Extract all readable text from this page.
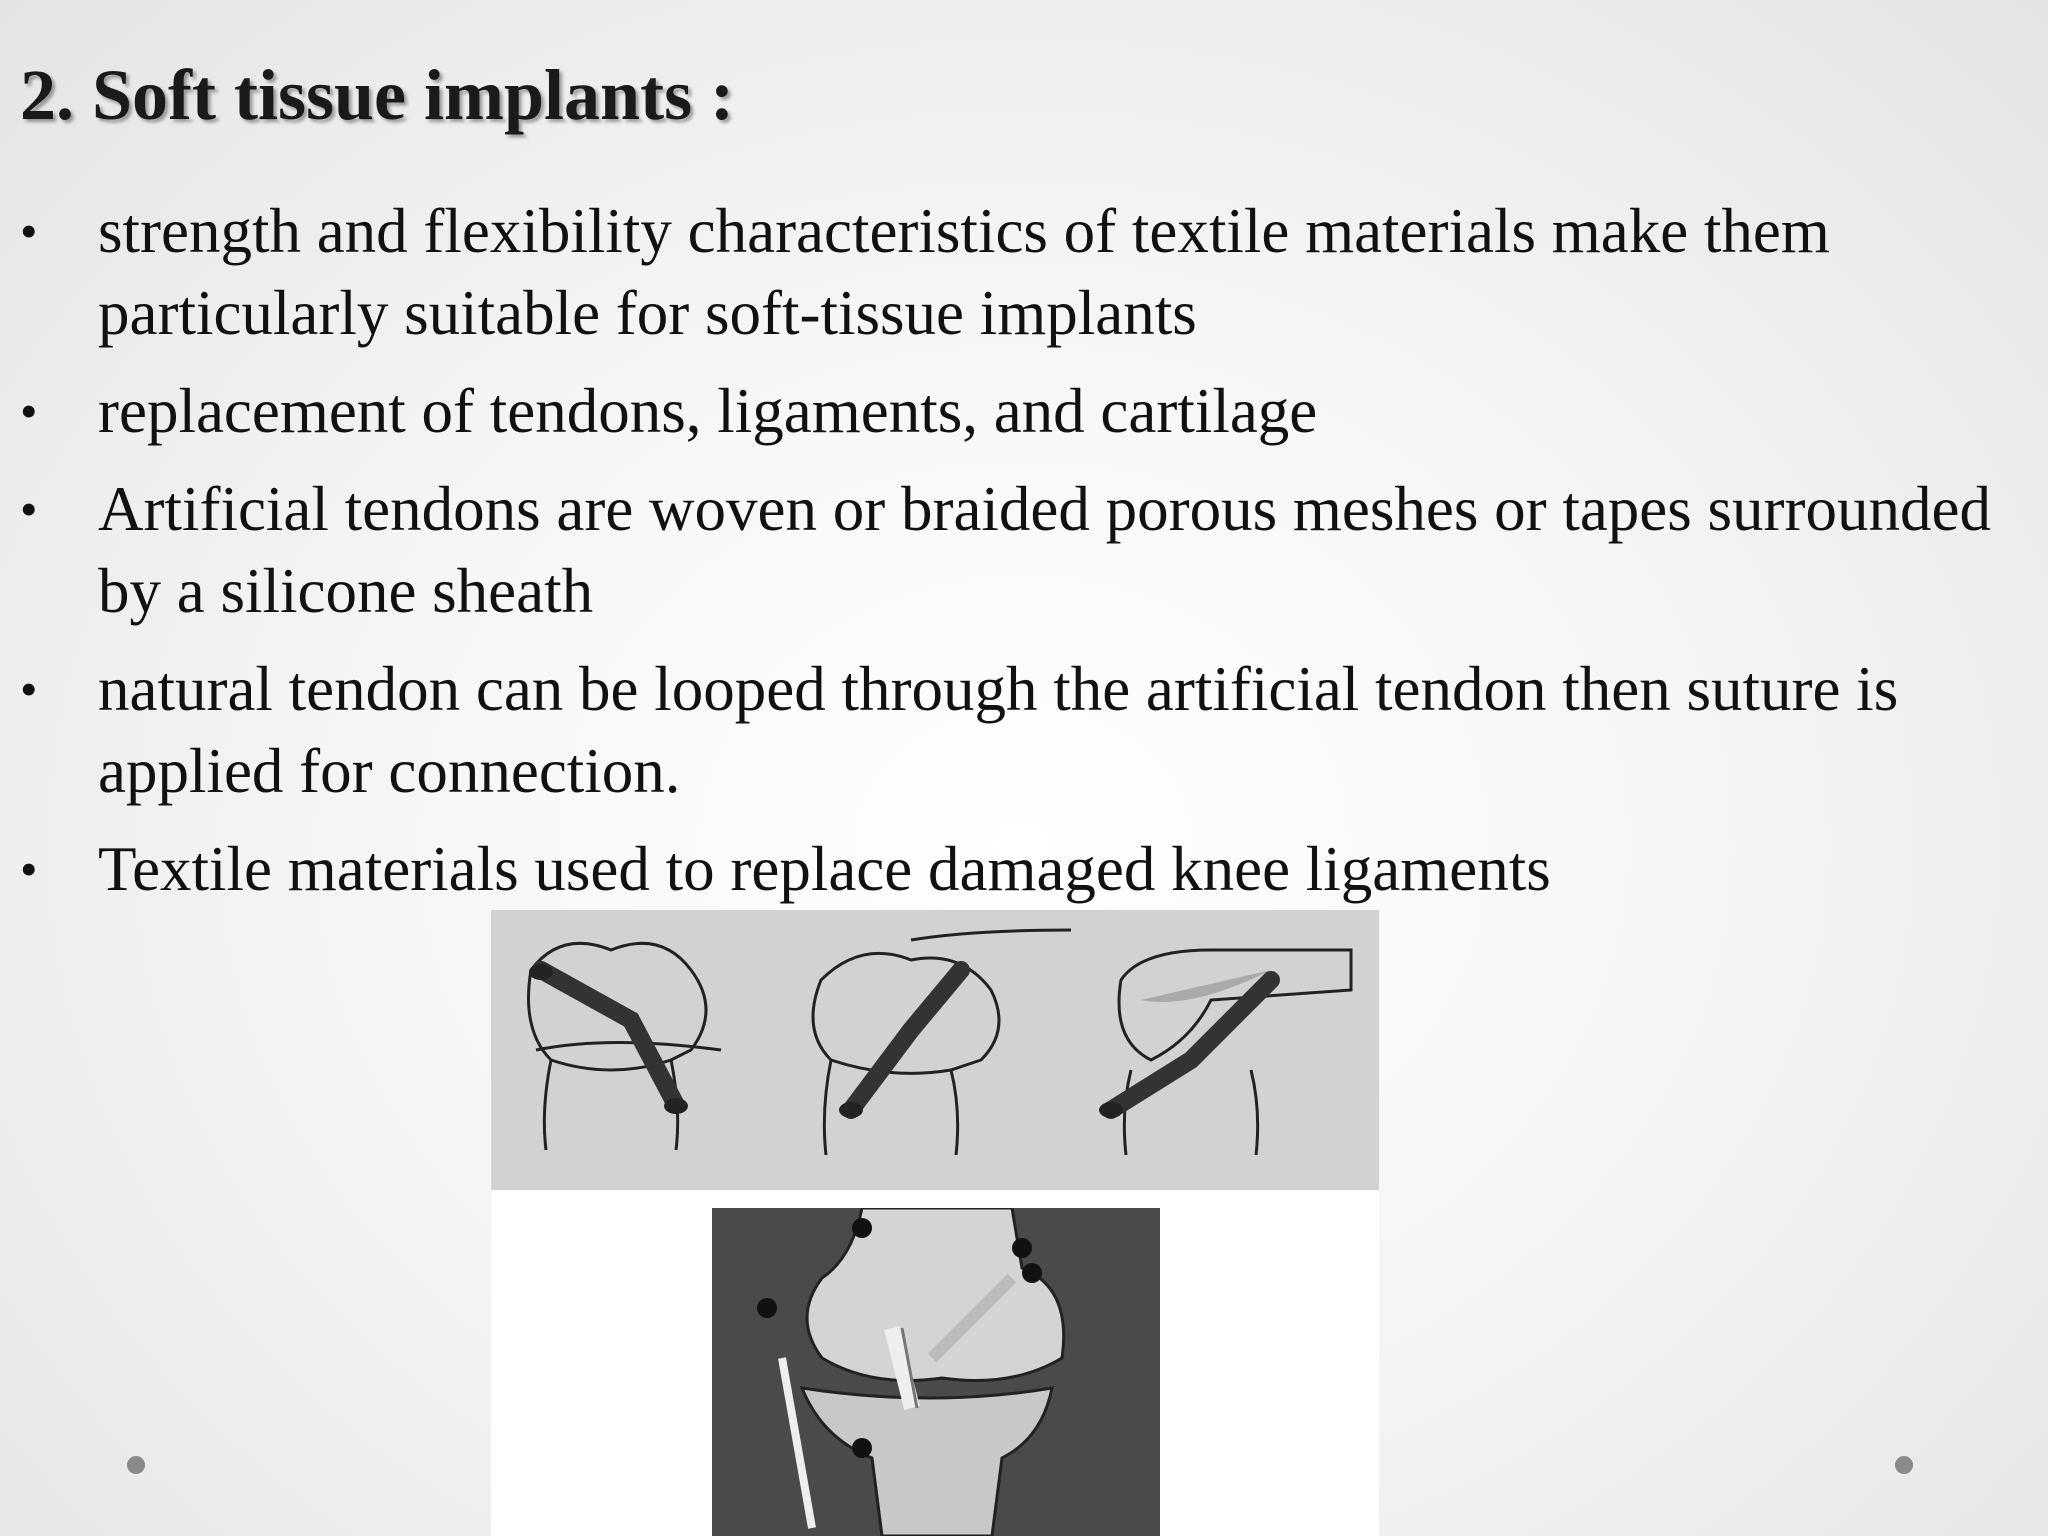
2. Soft tissue implants :
• strength and flexibility characteristics of textile materials make them particularly suitable for soft-tissue implants
• replacement of tendons, ligaments, and cartilage
• Artificial tendons are woven or braided porous meshes or tapes surrounded by a silicone sheath
• natural tendon can be looped through the artificial tendon then suture is applied for connection.
• Textile materials used to replace damaged knee ligaments
